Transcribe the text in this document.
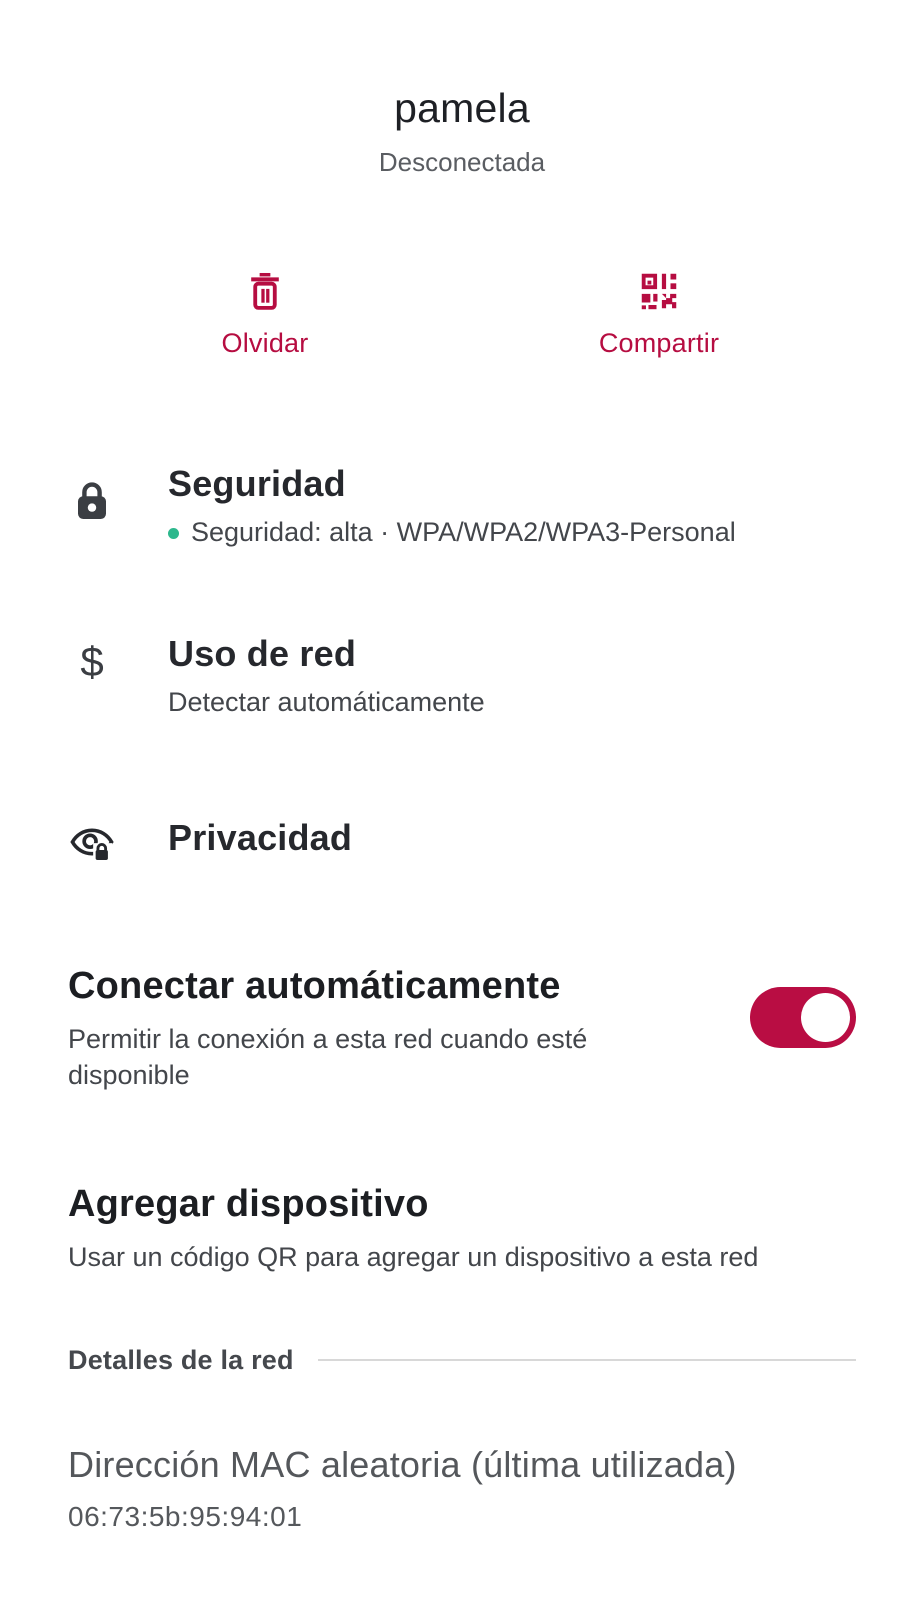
pamela
Desconectada
Olvidar	Compartir
Seguridad
Seguridad: alta · WPA/WPA2/WPA3-Personal
$ Uso de red
Detectar automáticamente
Privacidad
Conectar automáticamente
Permitir la conexión a esta red cuando esté disponible
Agregar dispositivo
Usar un código QR para agregar un dispositivo a esta red
Detalles de la red
Dirección MAC aleatoria (última utilizada)
06:73:5b:95:94:01
